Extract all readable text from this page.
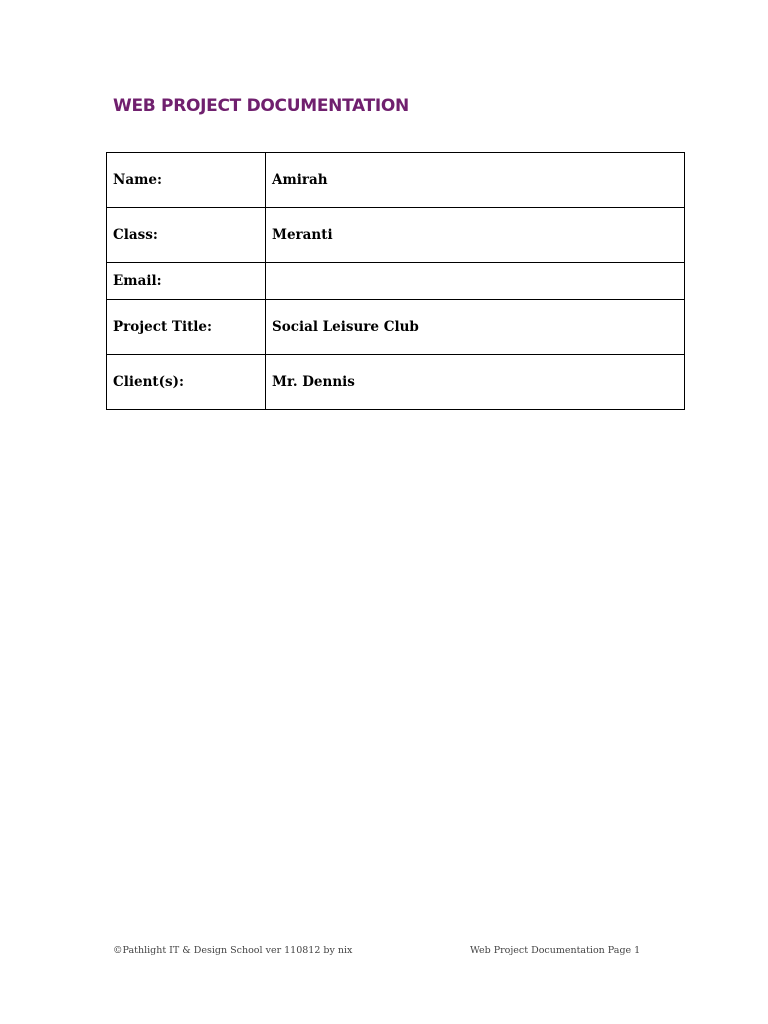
WEB PROJECT DOCUMENTATION
Name:	Amirah
Class:	Meranti
Email:	
Project Title:	Social Leisure Club
Client(s):	Mr. Dennis
©Pathlight IT & Design School ver 110812 by nix	Web Project Documentation Page 1
